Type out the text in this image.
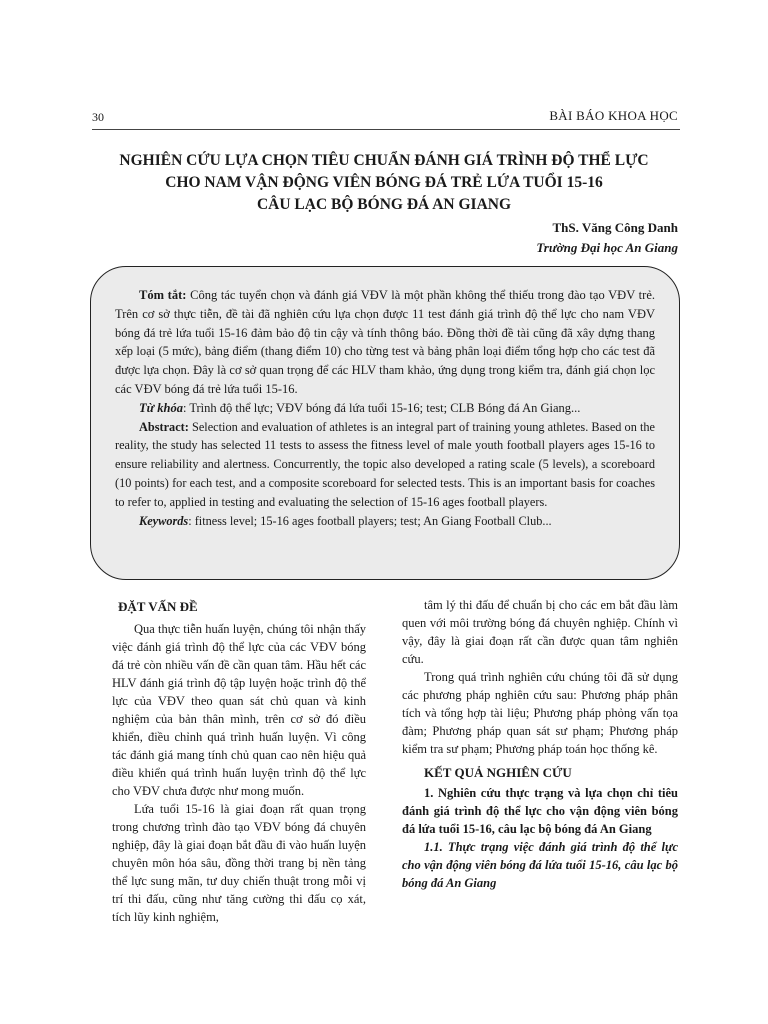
30	BÀI BÁO KHOA HỌC
NGHIÊN CỨU LỰA CHỌN TIÊU CHUẨN ĐÁNH GIÁ TRÌNH ĐỘ THỂ LỰC
CHO NAM VẬN ĐỘNG VIÊN BÓNG ĐÁ TRẺ LỨA TUỔI 15-16
CÂU LẠC BỘ BÓNG ĐÁ AN GIANG
ThS. Văng Công Danh
Trường Đại học An Giang

Tóm tắt: Công tác tuyển chọn và đánh giá VĐV là một phần không thể thiếu trong đào tạo VĐV trẻ. Trên cơ sở thực tiễn, đề tài đã nghiên cứu lựa chọn được 11 test đánh giá trình độ thể lực cho nam VĐV bóng đá trẻ lứa tuổi 15-16 đảm bảo độ tin cậy và tính thông báo. Đồng thời đề tài cũng đã xây dựng thang xếp loại (5 mức), bảng điểm (thang điểm 10) cho từng test và bảng phân loại điểm tổng hợp cho các test đã được lựa chọn. Đây là cơ sở quan trọng để các HLV tham khảo, ứng dụng trong kiểm tra, đánh giá chọn lọc các VĐV bóng đá trẻ lứa tuổi 15-16.

Từ khóa: Trình độ thể lực; VĐV bóng đá lứa tuổi 15-16; test; CLB Bóng đá An Giang...

Abstract: Selection and evaluation of athletes is an integral part of training young athletes. Based on the reality, the study has selected 11 tests to assess the fitness level of male youth football players ages 15-16 to ensure reliability and alertness. Concurrently, the topic also developed a rating scale (5 levels), a scoreboard (10 points) for each test, and a composite scoreboard for selected tests. This is an important basis for coaches to refer to, applied in testing and evaluating the selection of 15-16 ages football players.

Keywords: fitness level; 15-16 ages football players; test; An Giang Football Club...

ĐẶT VẤN ĐỀ

Qua thực tiễn huấn luyện, chúng tôi nhận thấy việc đánh giá trình độ thể lực của các VĐV bóng đá trẻ còn nhiều vấn đề cần quan tâm. Hầu hết các HLV đánh giá trình độ tập luyện hoặc trình độ thể lực của VĐV theo quan sát chủ quan và kinh nghiệm của bản thân mình, trên cơ sở đó điều khiển, điều chỉnh quá trình huấn luyện. Vì công tác đánh giá mang tính chủ quan cao nên hiệu quả điều khiển quá trình huấn luyện trình độ thể lực cho VĐV chưa được như mong muốn.

Lứa tuổi 15-16 là giai đoạn rất quan trọng trong chương trình đào tạo VĐV bóng đá chuyên nghiệp, đây là giai đoạn bắt đầu đi vào huấn luyện chuyên môn hóa sâu, đồng thời trang bị nền tảng thể lực sung mãn, tư duy chiến thuật trong mỗi vị trí thi đấu, cũng như tăng cường thi đấu cọ xát, tích lũy kinh nghiệm,

tâm lý thi đấu để chuẩn bị cho các em bắt đầu làm quen với môi trường bóng đá chuyên nghiệp. Chính vì vậy, đây là giai đoạn rất cần được quan tâm nghiên cứu.

Trong quá trình nghiên cứu chúng tôi đã sử dụng các phương pháp nghiên cứu sau: Phương pháp phân tích và tổng hợp tài liệu; Phương pháp phỏng vấn tọa đàm; Phương pháp quan sát sư phạm; Phương pháp kiểm tra sư phạm; Phương pháp toán học thống kê.

KẾT QUẢ NGHIÊN CỨU

1. Nghiên cứu thực trạng và lựa chọn chỉ tiêu đánh giá trình độ thể lực cho vận động viên bóng đá lứa tuổi 15-16, câu lạc bộ bóng đá An Giang

1.1. Thực trạng việc đánh giá trình độ thể lực cho vận động viên bóng đá lứa tuổi 15-16, câu lạc bộ bóng đá An Giang
